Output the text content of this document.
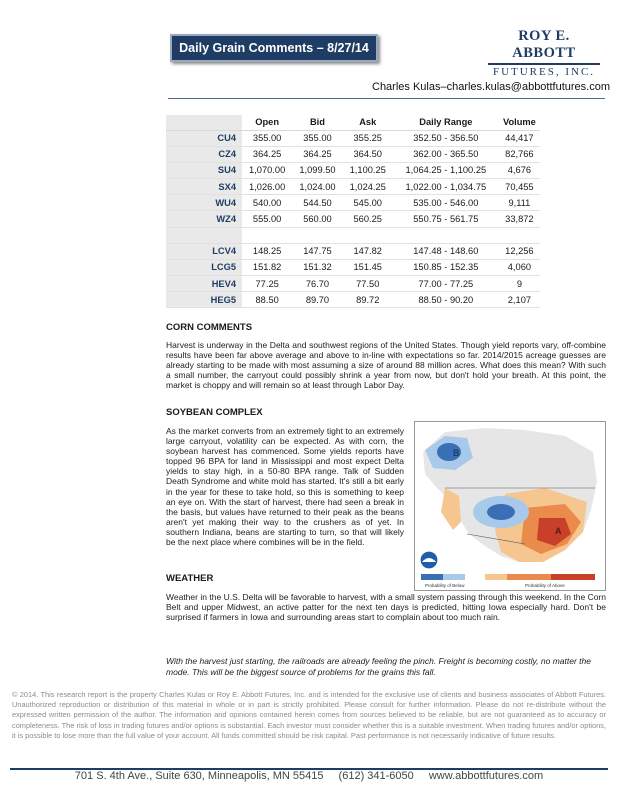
Daily Grain Comments – 8/27/14
ROY E. ABBOTT
FUTURES, INC.
Charles Kulas–charles.kulas@abbottfutures.com
	Open	Bid	Ask	Daily Range	Volume
CU4	355.00	355.00	355.25	352.50 - 356.50	44,417
CZ4	364.25	364.25	364.50	362.00 - 365.50	82,766
SU4	1,070.00	1,099.50	1,100.25	1,064.25 - 1,100.25	4,676
SX4	1,026.00	1,024.00	1,024.25	1,022.00 - 1,034.75	70,455
WU4	540.00	544.50	545.00	535.00 - 546.00	9,111
WZ4	555.00	560.00	560.25	550.75 - 561.75	33,872

LCV4	148.25	147.75	147.82	147.48 - 148.60	12,256
LCG5	151.82	151.32	151.45	150.85 - 152.35	4,060
HEV4	77.25	76.70	77.50	77.00 - 77.25	9
HEG5	88.50	89.70	89.72	88.50 - 90.20	2,107
CORN COMMENTS
Harvest is underway in the Delta and southwest regions of the United States. Though yield reports vary, off-combine results have been far above average and above to in-line with expectations so far. 2014/2015 acreage guesses are already starting to be made with most assuming a size of around 88 million acres. What does this mean? With such a small number, the carryout could possibly shrink a year from now, but don't hold your breath. At this point, the market is choppy and will remain so at least through Labor Day.
SOYBEAN COMPLEX
As the market converts from an extremely tight to an extremely large carryout, volatility can be expected. As with corn, the soybean harvest has commenced. Some yields reports have topped 96 BPA for land in Mississippi and most expect Delta yields to stay high, in a 50-80 BPA range. Talk of Sudden Death Syndrome and white mold has started. It's still a bit early in the year for these to take hold, so this is something to keep an eye on. With the start of harvest, there had seen a break in the basis, but values have returned to their peak as the beans aren't yet making their way to the crushers as of yet. In southern Indiana, beans are starting to turn, so that will likely be the next place where combines will be in the field.
B
A
Probability of Below	Probability of Above
WEATHER
Weather in the U.S. Delta will be favorable to harvest, with a small system passing through this weekend. In the Corn Belt and upper Midwest, an active patter for the next ten days is predicted, hitting Iowa especially hard. Don't be surprised if farmers in Iowa and surrounding areas start to complain about too much rain.
With the harvest just starting, the railroads are already feeling the pinch. Freight is becoming costly, no matter the mode. This will be the biggest source of problems for the grains this fall.
© 2014. This research report is the property Charles Kulas or Roy E. Abbott Futures, Inc. and is intended for the exclusive use of clients and business associates of Abbott Futures. Unauthorized reproduction or distribution of this material in whole or in part is strictly prohibited. Please consult for further information. Please do not re-distribute without the expressed written permission of the author. The information and opinions contained herein comes from sources believed to be reliable, but are not guaranteed as to accuracy or completeness. The risk of loss in trading futures and/or options is substantial. Each investor must consider whether this is a suitable investment. When trading futures and/or options, it is possible to lose more than the full value of your account. All funds committed should be risk capital. Past performance is not necessarily indicative of future results.
701 S. 4th Ave., Suite 630, Minneapolis, MN 55415 (612) 341-6050 www.abbottfutures.com
